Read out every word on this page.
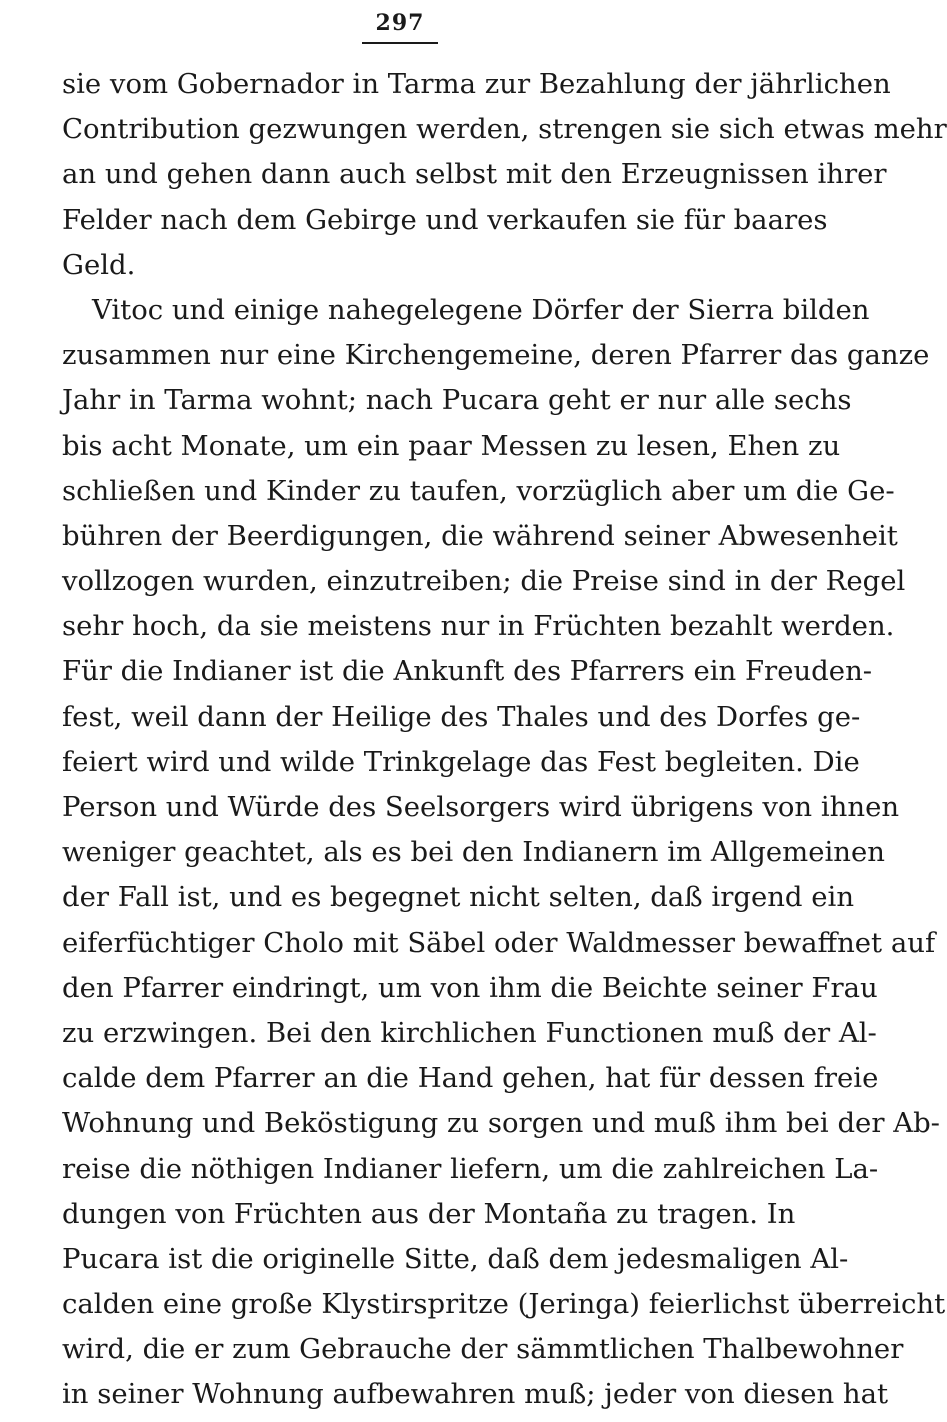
297
sie vom Gobernador in Tarma zur Bezahlung der jährlichen
Contribution gezwungen werden, strengen sie sich etwas mehr
an und gehen dann auch selbst mit den Erzeugnissen ihrer
Felder nach dem Gebirge und verkaufen sie für baares
Geld.
Vitoc und einige nahegelegene Dörfer der Sierra bilden
zusammen nur eine Kirchengemeine, deren Pfarrer das ganze
Jahr in Tarma wohnt; nach Pucara geht er nur alle sechs
bis acht Monate, um ein paar Messen zu lesen, Ehen zu
schließen und Kinder zu taufen, vorzüglich aber um die Ge-
bühren der Beerdigungen, die während seiner Abwesenheit
vollzogen wurden, einzutreiben; die Preise sind in der Regel
sehr hoch, da sie meistens nur in Früchten bezahlt werden.
Für die Indianer ist die Ankunft des Pfarrers ein Freuden-
fest, weil dann der Heilige des Thales und des Dorfes ge-
feiert wird und wilde Trinkgelage das Fest begleiten. Die
Person und Würde des Seelsorgers wird übrigens von ihnen
weniger geachtet, als es bei den Indianern im Allgemeinen
der Fall ist, und es begegnet nicht selten, daß irgend ein
eiferfüchtiger Cholo mit Säbel oder Waldmesser bewaffnet auf
den Pfarrer eindringt, um von ihm die Beichte seiner Frau
zu erzwingen. Bei den kirchlichen Functionen muß der Al-
calde dem Pfarrer an die Hand gehen, hat für dessen freie
Wohnung und Beköstigung zu sorgen und muß ihm bei der Ab-
reise die nöthigen Indianer liefern, um die zahlreichen La-
dungen von Früchten aus der Montaña zu tragen. In
Pucara ist die originelle Sitte, daß dem jedesmaligen Al-
calden eine große Klystirspritze (Jeringa) feierlichst überreicht
wird, die er zum Gebrauche der sämmtlichen Thalbewohner
in seiner Wohnung aufbewahren muß; jeder von diesen hat
